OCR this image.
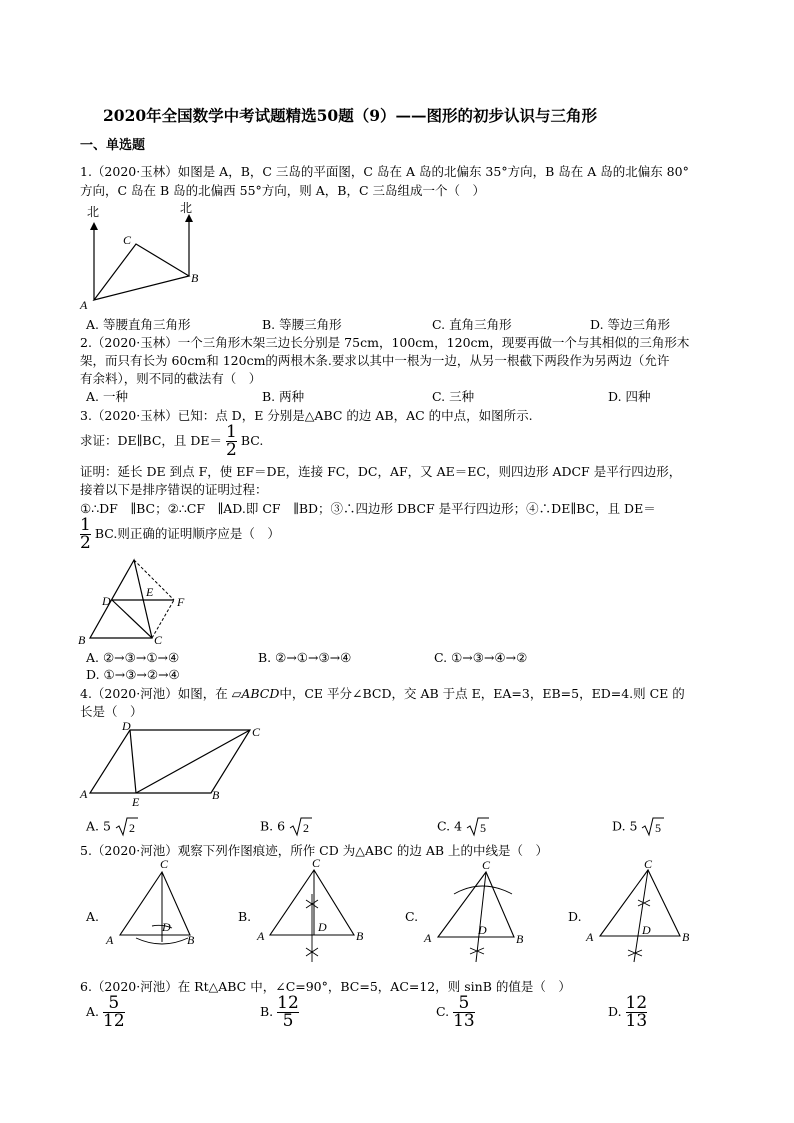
2020年全国数学中考试题精选50题（9）——图形的初步认识与三角形
一、单选题
1.（2020·玉林）如图是 A，B，C 三岛的平面图，C 岛在 A 岛的北偏东 35°方向，B 岛在 A 岛的北偏东 80°
方向，C 岛在 B 岛的北偏西 55°方向，则 A，B，C 三岛组成一个（　）
北	北
A
B
C
A. 等腰直角三角形	B. 等腰三角形	C. 直角三角形	D. 等边三角形
2.（2020·玉林）一个三角形木架三边长分别是 75cm，100cm，120cm，现要再做一个与其相似的三角形木
架，而只有长为 60cm和 120cm的两根木条.要求以其中一根为一边，从另一根截下两段作为另两边（允许
有余料），则不同的截法有（　）
A. 一种	B. 两种	C. 三种	D. 四种
3.（2020·玉林）已知：点 D，E 分别是△ABC 的边 AB，AC 的中点，如图所示.
求证：DE∥BC，且 $DE= \frac{1}{2}$ BC.
证明：延长 DE 到点 F，使 EF＝DE，连接 FC，DC，AF，又 AE＝EC，则四边形 ADCF 是平行四边形，
接着以下是排序错误的证明过程：
①∴DF　∥BC；②∴CF　∥AD.即 CF　∥BD；③∴四边形 DBCF 是平行四边形；④∴DE∥BC，且 DE＝
$\frac{1}{2}$ BC.则正确的证明顺序应是（　）
B	C
D
E
F
A. ②→③→①→④	B. ②→①→③→④	C. ①→③→④→②
D. ①→③→②→④
4.（2020·河池）如图，在 ▱ABCD中，CE 平分∠BCD，交 AB 于点 E，EA=3，EB=5，ED=4.则 CE 的
长是（　）
A	B
C
D
E
A. 5 2	B. 6 2	C. 4 5	D. 5 5
5.（2020·河池）观察下列作图痕迹，所作 CD 为△ABC 的边 AB 上的中线是（　）
A.
C
A	B
D
B.
C
A	B
D
C.
C
A	B
D
D.
C
A	B
D
6.（2020·河池）在 Rt△ABC 中，∠C=90°，BC=5，AC=12，则 sinB 的值是（　）
A. $\frac{5}{12}$	B. $\frac{12}{5}$	C. $\frac{5}{13}$	D. $\frac{12}{13}$
